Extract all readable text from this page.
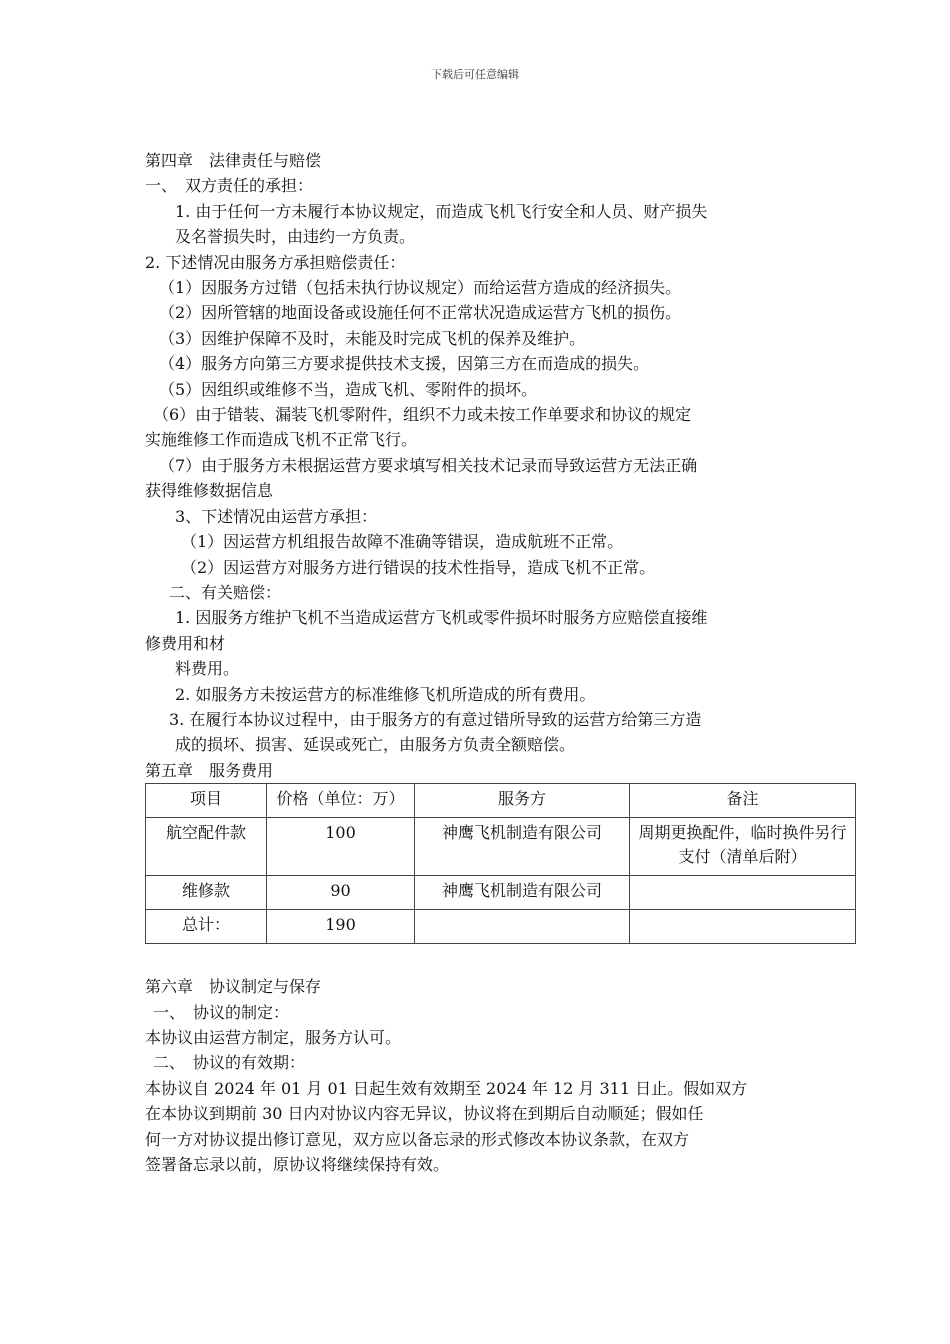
下载后可任意编辑

第四章　法律责任与赔偿

一、　双方责任的承担：

1. 由于任何一方未履行本协议规定，而造成飞机飞行安全和人员、财产损失

及名誉损失时，由违约一方负责。

2. 下述情况由服务方承担赔偿责任：

（1）因服务方过错（包括未执行协议规定）而给运营方造成的经济损失。

（2）因所管辖的地面设备或设施任何不正常状况造成运营方飞机的损伤。

（3）因维护保障不及时，未能及时完成飞机的保养及维护。

（4）服务方向第三方要求提供技术支援，因第三方在而造成的损失。

（5）因组织或维修不当，造成飞机、零附件的损坏。

（6）由于错装、漏装飞机零附件，组织不力或未按工作单要求和协议的规定

实施维修工作而造成飞机不正常飞行。

（7）由于服务方未根据运营方要求填写相关技术记录而导致运营方无法正确

获得维修数据信息

3、下述情况由运营方承担：

（1）因运营方机组报告故障不准确等错误，造成航班不正常。

（2）因运营方对服务方进行错误的技术性指导，造成飞机不正常。

二、有关赔偿：

1. 因服务方维护飞机不当造成运营方飞机或零件损坏时服务方应赔偿直接维

修费用和材

料费用。

2. 如服务方未按运营方的标准维修飞机所造成的所有费用。

3. 在履行本协议过程中，由于服务方的有意过错所导致的运营方给第三方造

成的损坏、损害、延误或死亡，由服务方负责全额赔偿。

第五章　服务费用

项目	价格（单位：万）	服务方	备注
航空配件款	100	神鹰飞机制造有限公司	周期更换配件，临时换件另行支付（清单后附）
维修款	90	神鹰飞机制造有限公司	
总计：	190		

第六章　协议制定与保存

一、　协议的制定：

本协议由运营方制定，服务方认可。

二、　协议的有效期：

本协议自 2024 年 01 月 01 日起生效有效期至 2024 年 12 月 311 日止。假如双方

在本协议到期前 30 日内对协议内容无异议，协议将在到期后自动顺延；假如任

何一方对协议提出修订意见，双方应以备忘录的形式修改本协议条款，在双方

签署备忘录以前，原协议将继续保持有效。
